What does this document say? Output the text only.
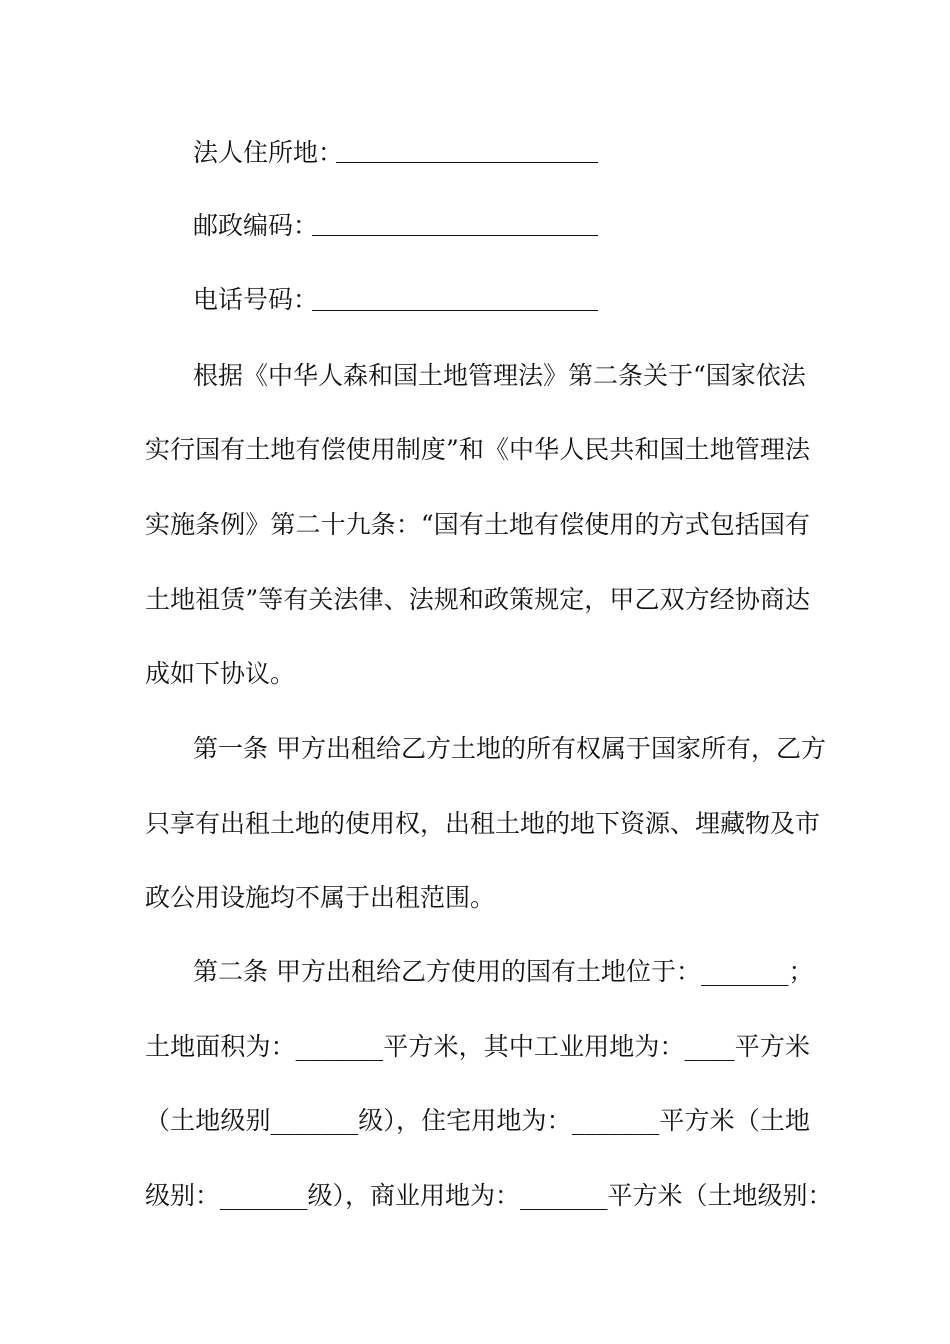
法人住所地：
邮政编码：
电话号码：
根据《中华人森和国土地管理法》第二条关于“国家依法
实行国有土地有偿使用制度”和《中华人民共和国土地管理法
实施条例》第二十九条：“国有土地有偿使用的方式包括国有
土地祖赁”等有关法律、法规和政策规定，甲乙双方经协商达
成如下协议。
第一条 甲方出租给乙方土地的所有权属于国家所有，乙方
只享有出租土地的使用权，出租土地的地下资源、埋藏物及市
政公用设施均不属于出租范围。
第二条 甲方出租给乙方使用的国有土地位于：_______；
土地面积为：_______平方米，其中工业用地为：____平方米
（土地级别_______级），住宅用地为：_______平方米（土地
级别：_______级），商业用地为：_______平方米（土地级别：
